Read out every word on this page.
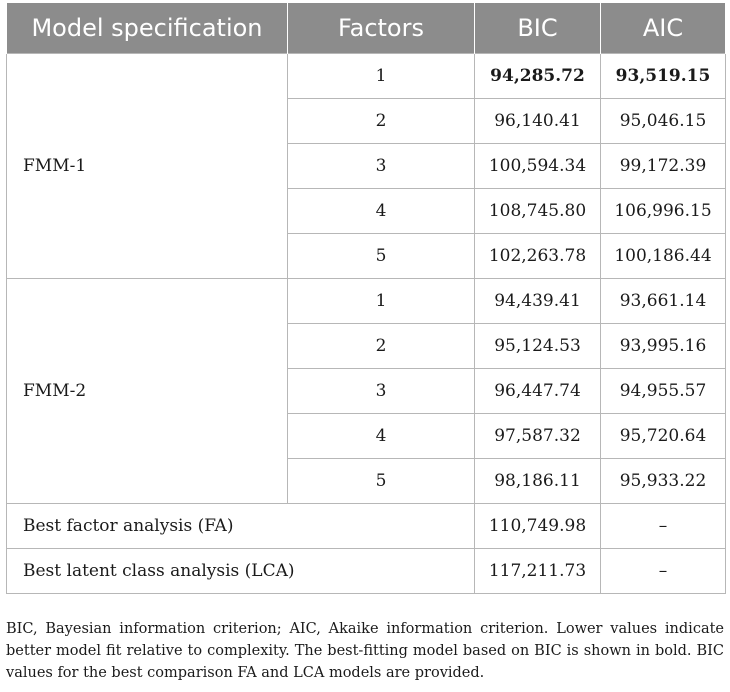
Model specification	Factors	BIC	AIC
FMM-1	1	94,285.72	93,519.15
	2	96,140.41	95,046.15
	3	100,594.34	99,172.39
	4	108,745.80	106,996.15
	5	102,263.78	100,186.44
FMM-2	1	94,439.41	93,661.14
	2	95,124.53	93,995.16
	3	96,447.74	94,955.57
	4	97,587.32	95,720.64
	5	98,186.11	95,933.22
Best factor analysis (FA)		110,749.98	–
Best latent class analysis (LCA)		117,211.73	–

BIC, Bayesian information criterion; AIC, Akaike information criterion. Lower values indicate better model fit relative to complexity. The best-fitting model based on BIC is shown in bold. BIC values for the best comparison FA and LCA models are provided.
